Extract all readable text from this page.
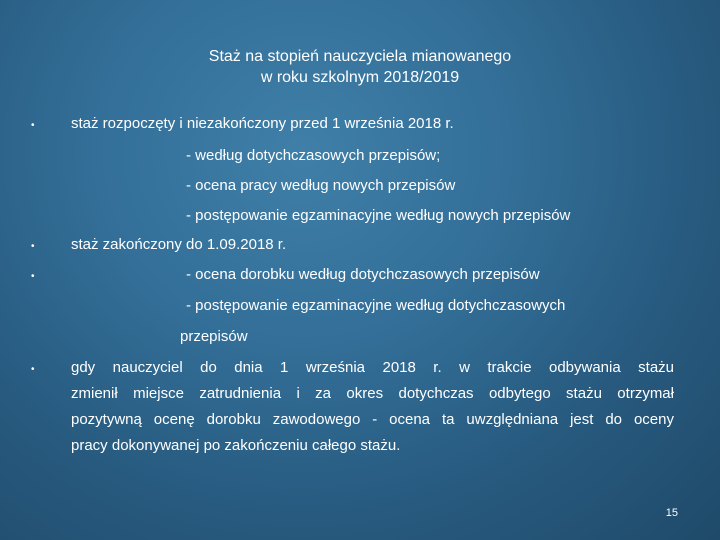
Staż na stopień nauczyciela mianowanego
w roku szkolnym 2018/2019
• staż rozpoczęty i niezakończony przed 1 września 2018 r.
- według dotychczasowych przepisów;
- ocena pracy według nowych przepisów
- postępowanie egzaminacyjne według nowych przepisów
• staż zakończony do 1.09.2018 r.
•	- ocena dorobku według dotychczasowych przepisów
- postępowanie egzaminacyjne według dotychczasowych
przepisów
• gdy nauczyciel do dnia 1 września 2018 r. w trakcie odbywania stażu
zmienił miejsce zatrudnienia i za okres dotychczas odbytego stażu otrzymał
pozytywną ocenę dorobku zawodowego - ocena ta uwzględniana jest do oceny
pracy dokonywanej po zakończeniu całego stażu.
15
